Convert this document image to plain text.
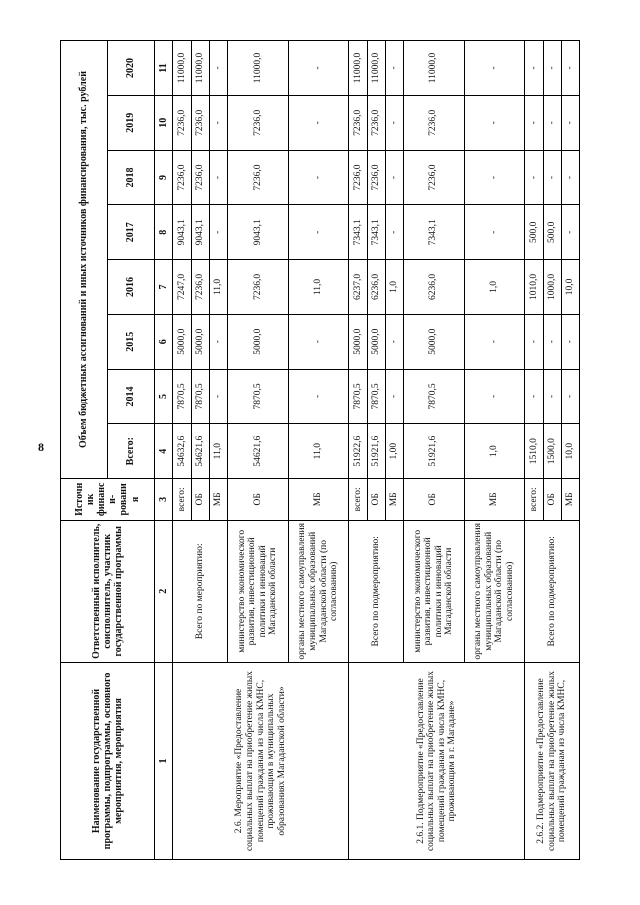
8
Наименование государственной программы, подпрограммы, основного мероприятия, мероприятия	Ответственный исполнитель, соисполнитель, участник государственной программы	Источник финанси-рования	Объем бюджетных ассигнований и иных источников финансирования, тыс. рублей							
			Всего:	2014	2015	2016	2017	2018	2019	2020
1	2	3	4	5	6	7	8	9	10	11
2.6. Мероприятие «Предоставление социальных выплат на приобретение жилых помещений гражданам из числа КМНС, проживающим в муниципальных образованиях Магаданской области»	Всего по мероприятию:	всего:	54632,6	7870,5	5000,0	7247,0	9043,1	7236,0	7236,0	11000,0
		ОБ	54621,6	7870,5	5000,0	7236,0	9043,1	7236,0	7236,0	11000,0
		МБ	11,0	-	-	11,0	-	-	-	-
	министерство экономического развития, инвестиционной политики и инноваций Магаданской области	ОБ	54621,6	7870,5	5000,0	7236,0	9043,1	7236,0	7236,0	11000,0
	органы местного самоуправления муниципальных образований Магаданской области (по согласованию)	МБ	11,0	-	-	11,0	-	-	-	-
2.6.1. Подмероприятие «Предоставление социальных выплат на приобретение жилых помещений гражданам из числа КМНС, проживающим в г. Магадане»	Всего по подмероприятию:	всего:	51922,6	7870,5	5000,0	6237,0	7343,1	7236,0	7236,0	11000,0
		ОБ	51921,6	7870,5	5000,0	6236,0	7343,1	7236,0	7236,0	11000,0
		МБ	1,00	-	-	1,0	-	-	-	-
	министерство экономического развития, инвестиционной политики и инноваций Магаданской области	ОБ	51921,6	7870,5	5000,0	6236,0	7343,1	7236,0	7236,0	11000,0
	органы местного самоуправления муниципальных образований Магаданской области (по согласованию)	МБ	1,0	-	-	1,0	-	-	-	-
2.6.2. Подмероприятие «Предоставление социальных выплат на приобретение жилых помещений гражданам из числа КМНС,	Всего по подмероприятию:	всего:	1510,0	-	-	1010,0	500,0	-	-	-
		ОБ	1500,0	-	-	1000,0	500,0	-	-	-
		МБ	10,0	-	-	10,0	-	-	-	-
